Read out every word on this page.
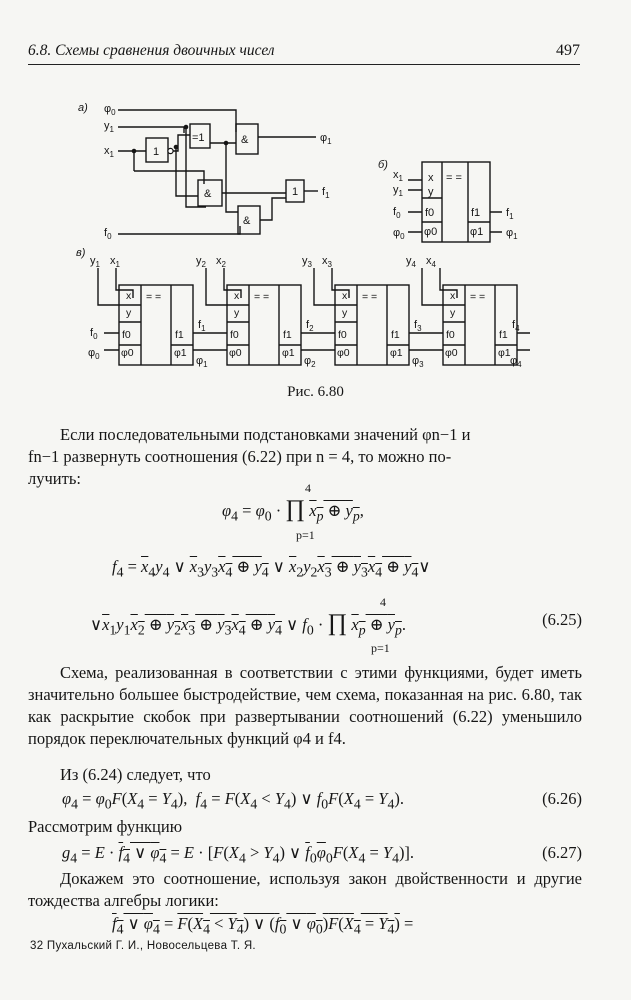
6.8. Схемы сравнения двоичных чисел	497
а) $\varphi_0$
$y_1$
$x_1$
$f_0$
1
=1	&
&
&
1
$\varphi_1$
$f_1$
б)
$x_1$
$y_1$
$f_0$
$\varphi_0$
x
y
f0
φ0
= =
f1
φ1
$f_1$
$\varphi_1$
в)
$y_1$ $x_1$	$y_2$ $x_2$	$y_3$ $x_3$	$y_4$ $x_4$
$f_0$
$\varphi_0$
$f_1$
$\varphi_1$
$f_2$
$\varphi_2$
$f_3$
$\varphi_3$
$f_4$
$\varphi_4$
x
y
f0
φ0
= =
f1
φ1
x
y
f0
φ0
= =
f1
φ1
x
y
f0
φ0
= =
f1
φ1
x
y
f0
φ0
= =
f1
φ1
Рис. 6.80
Если последовательными подстановками значений φn−1 и
fn−1 развернуть соотношения (6.22) при n = 4, то можно по-
лучить:
$\varphi_4 = \varphi_0$ · ∏ $x_p$ ⊕ $y_p$,
4
p=1
$f_4 = \overline{x}_4y_4$ ∨ $\overline{x}_3y_3x_4$ ⊕ $y_4$ ∨ $\overline{x}_2y_2x_3$ ⊕ $y_3x_4$ ⊕ $y_4\vee$
$\vee\overline{x}_1y_1x_2$ ⊕ $y_2x_3$ ⊕ $y_3x_4$ ⊕ $y_4$ ∨ $f_0$ · ∏ $x_p$ ⊕ $y_p$.
4
p=1
(6.25)
Схема, реализованная в соответствии с этими функциями, будет иметь значительно большее быстродействие, чем схема, показанная на рис. 6.80, так как раскрытие скобок при развертывании соотношений (6.22) уменьшило порядок переключательных функций φ4 и f4.
Из (6.24) следует, что
$\varphi_4 = \varphi_0F(X_4 = Y_4)$,  $f_4 = F(X_4 < Y_4)$ ∨ $f_0F(X_4 = Y_4)$.	(6.26)
Рассмотрим функцию
$g_4 = E \cdot f_4$ ∨ $\varphi_4 = E \cdot [F(X_4 > Y_4)$ ∨ $\overline{f}_0\overline{\varphi}_0F(X_4 = Y_4)$].	(6.27)
Докажем это соотношение, используя закон двойственности и другие тождества алгебры логики:
$f_4$ ∨ $\varphi_4 = F(X_4 < Y_4)$ ∨ ($f_0$ ∨ $\varphi_0)F(X_4 = Y_4)$ =
32 Пухальский Г. И., Новосельцева Т. Я.
